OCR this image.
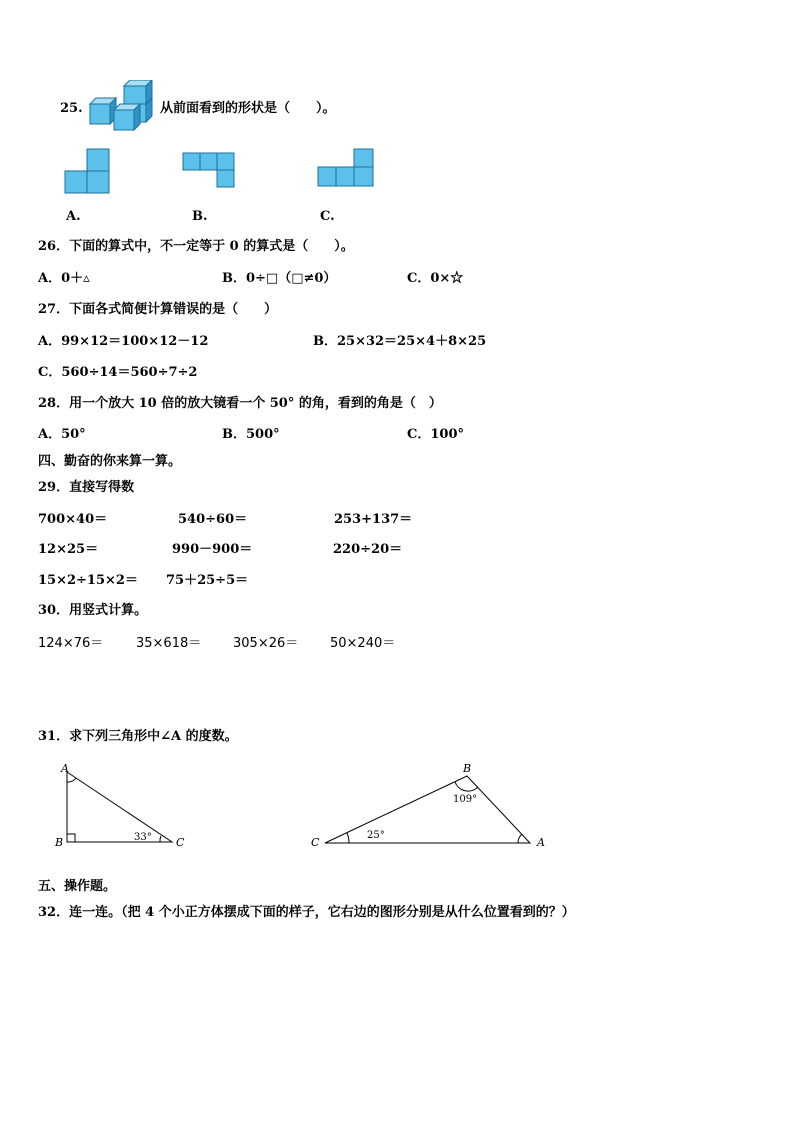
25.	从前面看到的形状是（　　）。
A.	B.	C.
26．下面的算式中，不一定等于 0 的算式是（　　）。
A．0＋▵	B．0÷□（□≠0）	C．0×☆
27．下面各式简便计算错误的是（　　）
A．99×12＝100×12－12	B．25×32＝25×4＋8×25
C．560÷14＝560÷7÷2
28．用一个放大 10 倍的放大镜看一个 50° 的角，看到的角是（　）
A．50°	B．500°	C．100°
四、勤奋的你来算一算。
29．直接写得数
700×40＝	540÷60＝	253+137＝
12×25＝	990－900＝	220÷20＝
15×2÷15×2＝ 75＋25÷5＝
30．用竖式计算。
124×76＝	35×618＝ 305×26＝ 50×240＝
31．求下列三角形中∠A 的度数。
A
B	C
33°	C
B
A
109°
25°
五、操作题。
32．连一连。（把 4 个小正方体摆成下面的样子，它右边的图形分别是从什么位置看到的？）
